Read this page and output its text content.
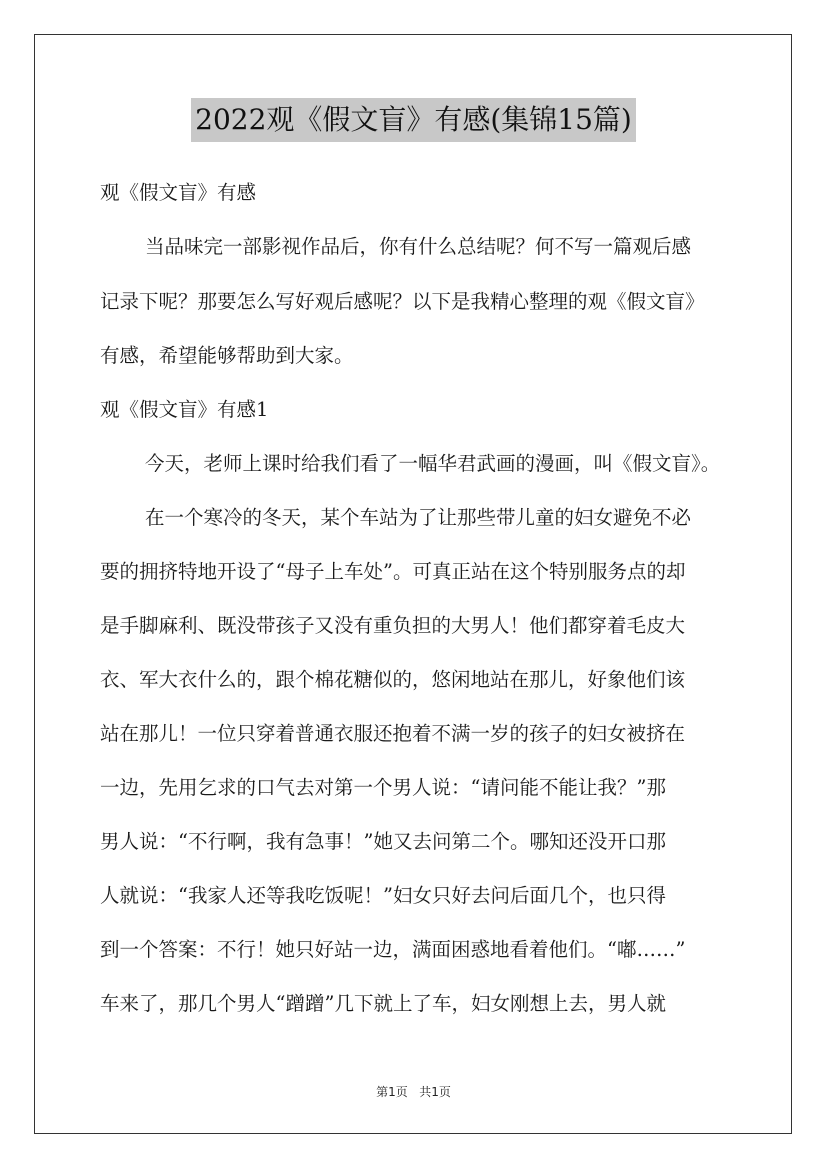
2022观《假文盲》有感(集锦15篇)
观《假文盲》有感
当品味完一部影视作品后，你有什么总结呢？何不写一篇观后感
记录下呢？那要怎么写好观后感呢？以下是我精心整理的观《假文盲》
有感，希望能够帮助到大家。
观《假文盲》有感1
今天，老师上课时给我们看了一幅华君武画的漫画，叫《假文盲》。
在一个寒冷的冬天，某个车站为了让那些带儿童的妇女避免不必
要的拥挤特地开设了“母子上车处”。可真正站在这个特别服务点的却
是手脚麻利、既没带孩子又没有重负担的大男人！他们都穿着毛皮大
衣、军大衣什么的，跟个棉花糖似的，悠闲地站在那儿，好象他们该
站在那儿！一位只穿着普通衣服还抱着不满一岁的孩子的妇女被挤在
一边，先用乞求的口气去对第一个男人说：“请问能不能让我？”那
男人说：“不行啊，我有急事！”她又去问第二个。哪知还没开口那
人就说：“我家人还等我吃饭呢！”妇女只好去问后面几个，也只得
到一个答案：不行！她只好站一边，满面困惑地看着他们。“嘟……”
车来了，那几个男人“蹭蹭”几下就上了车，妇女刚想上去，男人就
第1页 共1页
